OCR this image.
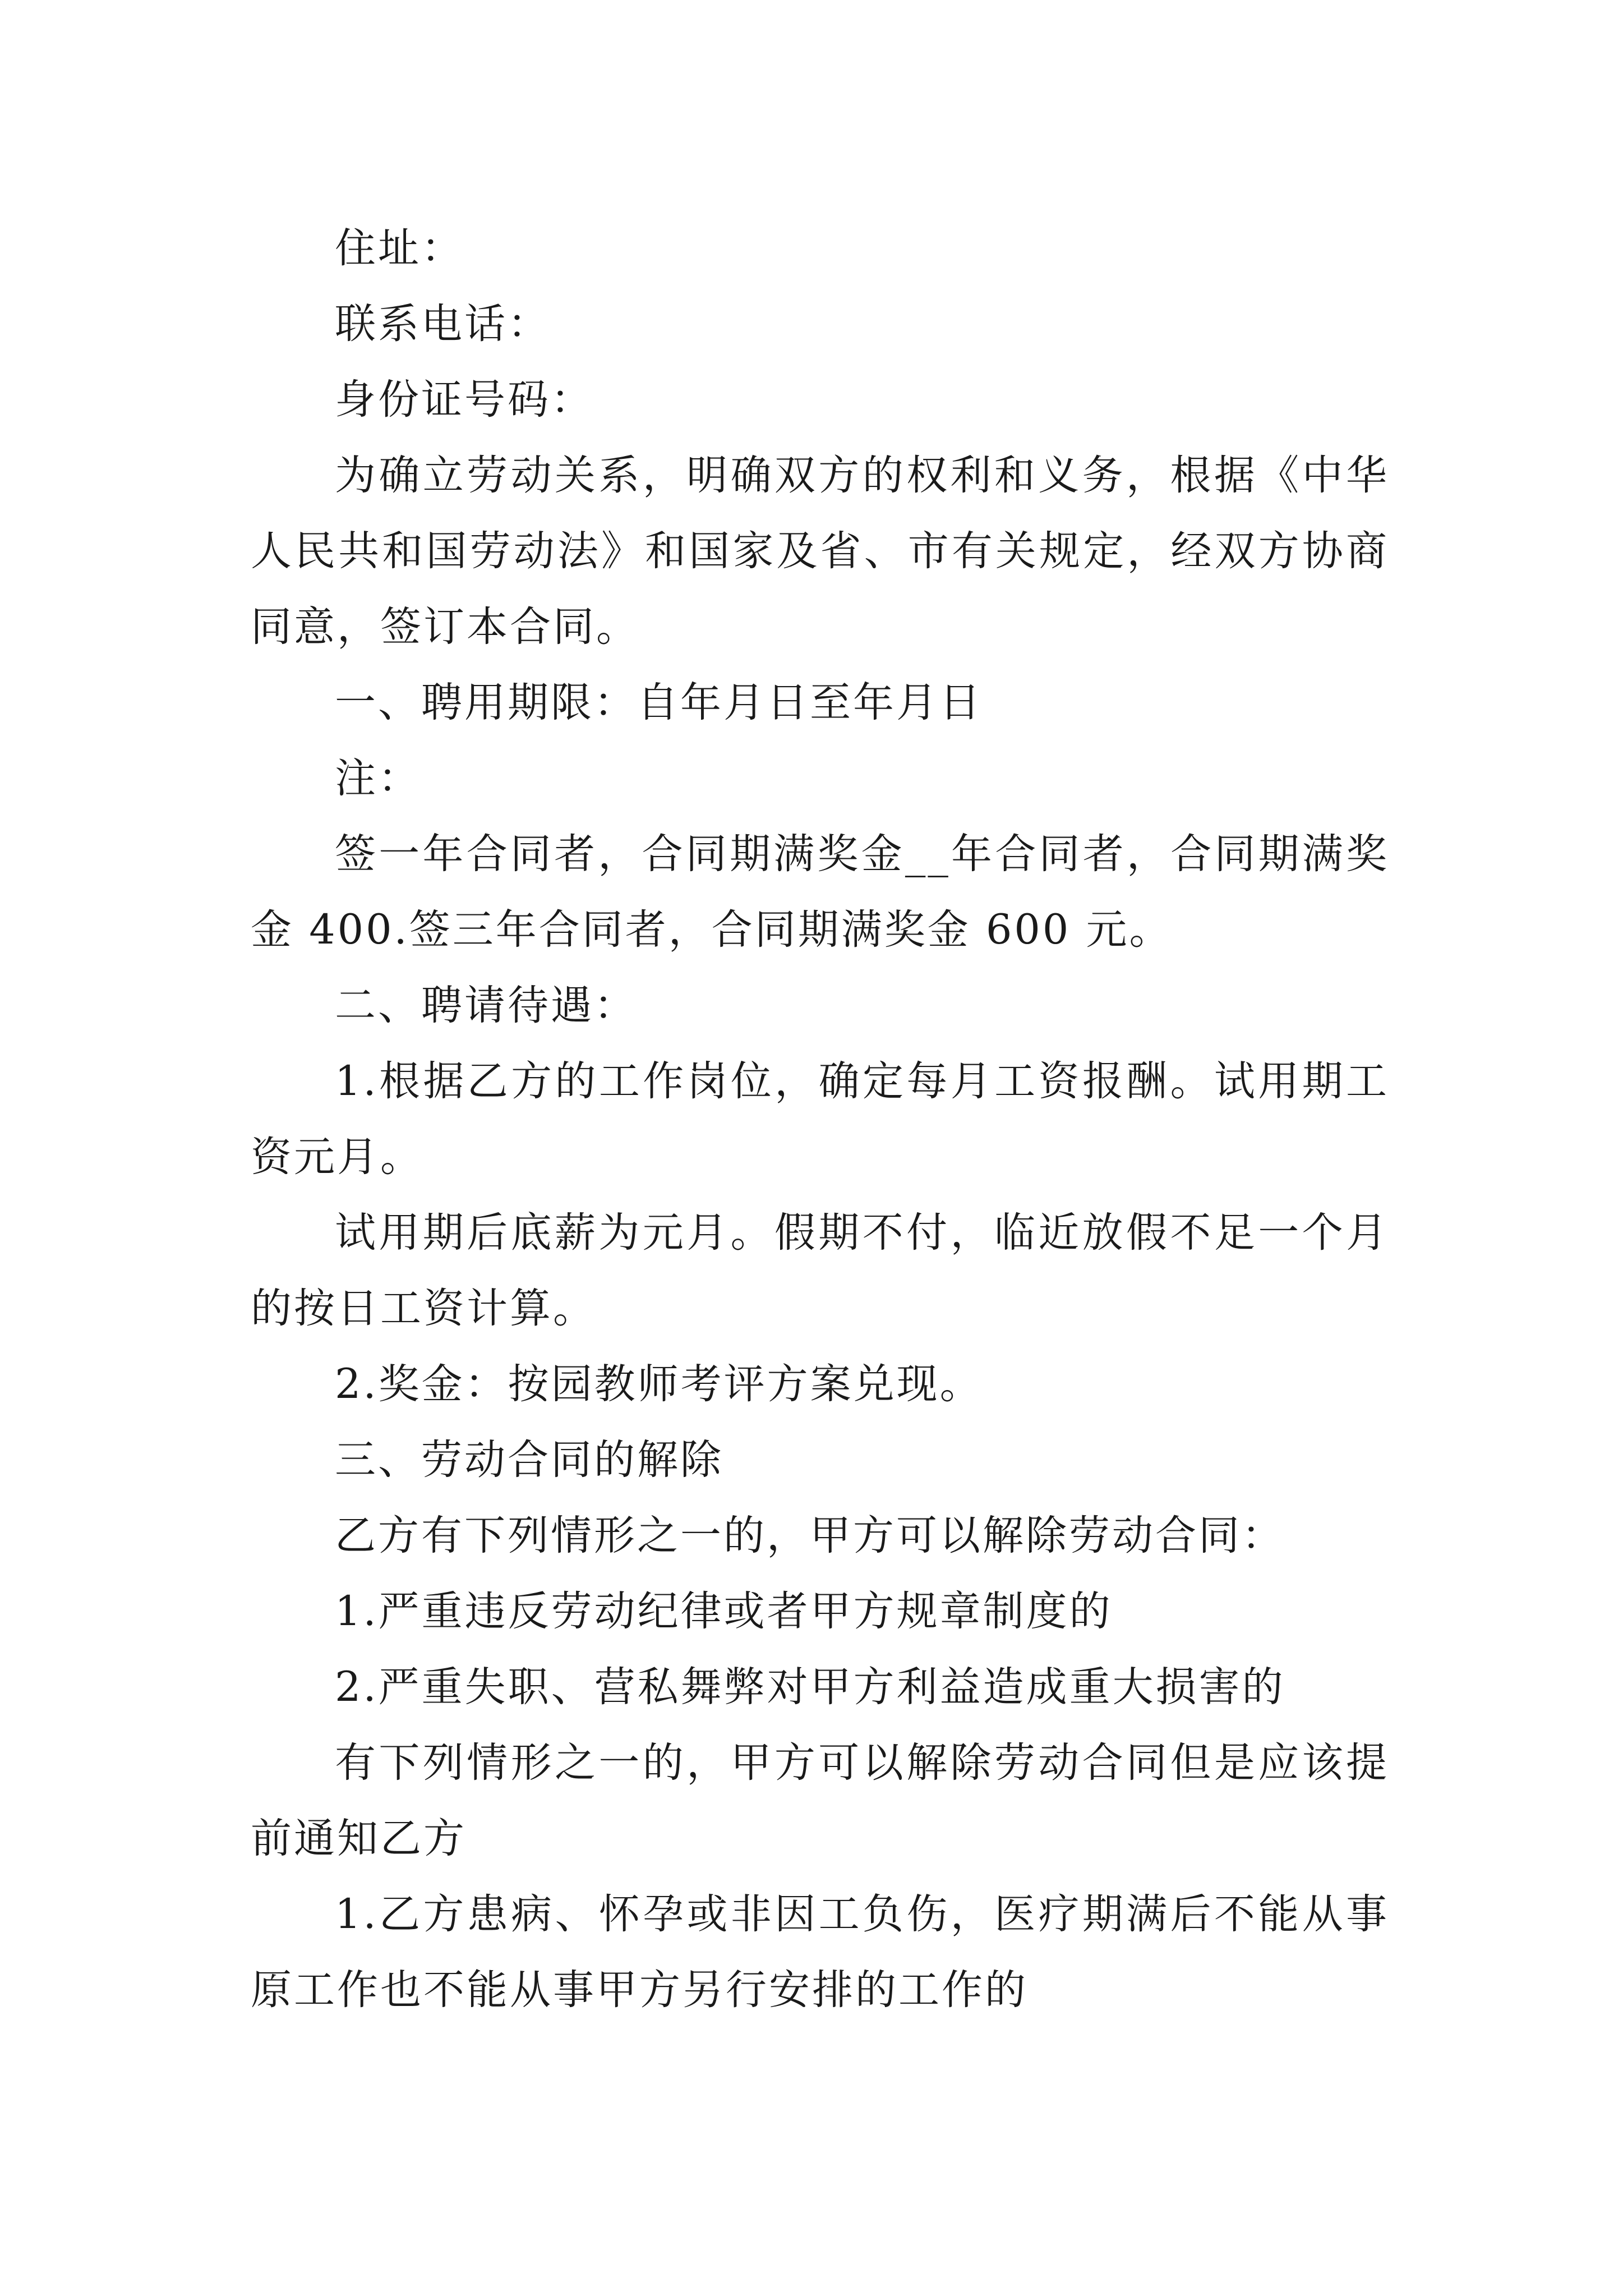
住址：

联系电话：

身份证号码：

为确立劳动关系，明确双方的权利和义务，根据《中华人民共和国劳动法》和国家及省、市有关规定，经双方协商同意，签订本合同。

一、聘用期限：自年月日至年月日

注：

签一年合同者，合同期满奖金__年合同者，合同期满奖金 400.签三年合同者，合同期满奖金 600 元。

二、聘请待遇：

1.根据乙方的工作岗位，确定每月工资报酬。试用期工资元月。

试用期后底薪为元月。假期不付，临近放假不足一个月的按日工资计算。

2.奖金：按园教师考评方案兑现。

三、劳动合同的解除

乙方有下列情形之一的，甲方可以解除劳动合同：

1.严重违反劳动纪律或者甲方规章制度的

2.严重失职、营私舞弊对甲方利益造成重大损害的

有下列情形之一的，甲方可以解除劳动合同但是应该提前通知乙方

1.乙方患病、怀孕或非因工负伤，医疗期满后不能从事原工作也不能从事甲方另行安排的工作的
